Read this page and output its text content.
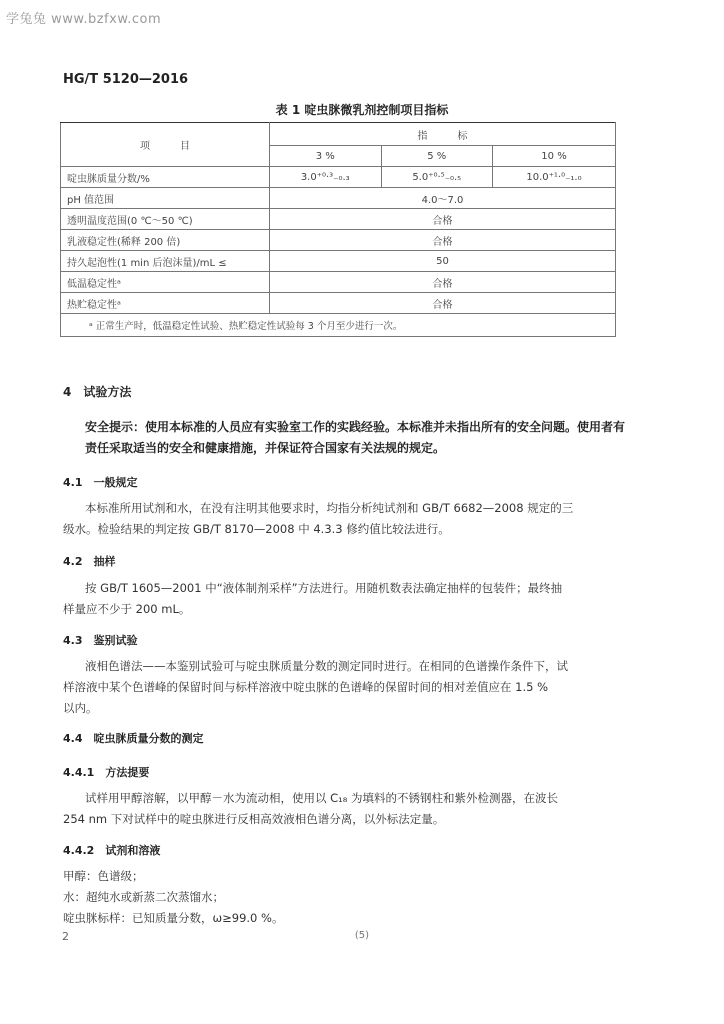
学兔兔 www.bzfxw.com
HG/T 5120—2016
表 1 啶虫脒微乳剂控制项目指标
项　　　目	指　　　标		
	3 %	5 %	10 %
啶虫脒质量分数/%	3.0⁺⁰·³₋₀.₃	5.0⁺⁰·⁵₋₀.₅	10.0⁺¹·⁰₋₁.₀
pH 值范围	4.0～7.0		
透明温度范围(0 ℃～50 ℃)	合格		
乳液稳定性(稀释 200 倍)	合格		
持久起泡性(1 min 后泡沫量)/mL ≤	50		
低温稳定性ᵃ	合格		
热贮稳定性ᵃ	合格		
ᵃ 正常生产时，低温稳定性试验、热贮稳定性试验每 3 个月至少进行一次。			
4　试验方法
安全提示：使用本标准的人员应有实验室工作的实践经验。本标准并未指出所有的安全问题。使用者有责任采取适当的安全和健康措施，并保证符合国家有关法规的规定。
4.1　一般规定
本标准所用试剂和水，在没有注明其他要求时，均指分析纯试剂和 GB/T 6682—2008 规定的三
级水。检验结果的判定按 GB/T 8170—2008 中 4.3.3 修约值比较法进行。
4.2　抽样
按 GB/T 1605—2001 中“液体制剂采样”方法进行。用随机数表法确定抽样的包装件；最终抽
样量应不少于 200 mL。
4.3　鉴别试验
液相色谱法——本鉴别试验可与啶虫脒质量分数的测定同时进行。在相同的色谱操作条件下，试
样溶液中某个色谱峰的保留时间与标样溶液中啶虫脒的色谱峰的保留时间的相对差值应在 1.5 %
以内。
4.4　啶虫脒质量分数的测定
4.4.1　方法提要
试样用甲醇溶解，以甲醇－水为流动相，使用以 C₁₈ 为填料的不锈钢柱和紫外检测器，在波长
254 nm 下对试样中的啶虫脒进行反相高效液相色谱分离，以外标法定量。
4.4.2　试剂和溶液
甲醇：色谱级；
水：超纯水或新蒸二次蒸馏水；
啶虫脒标样：已知质量分数，ω≥99.0 %。
2	(5)
